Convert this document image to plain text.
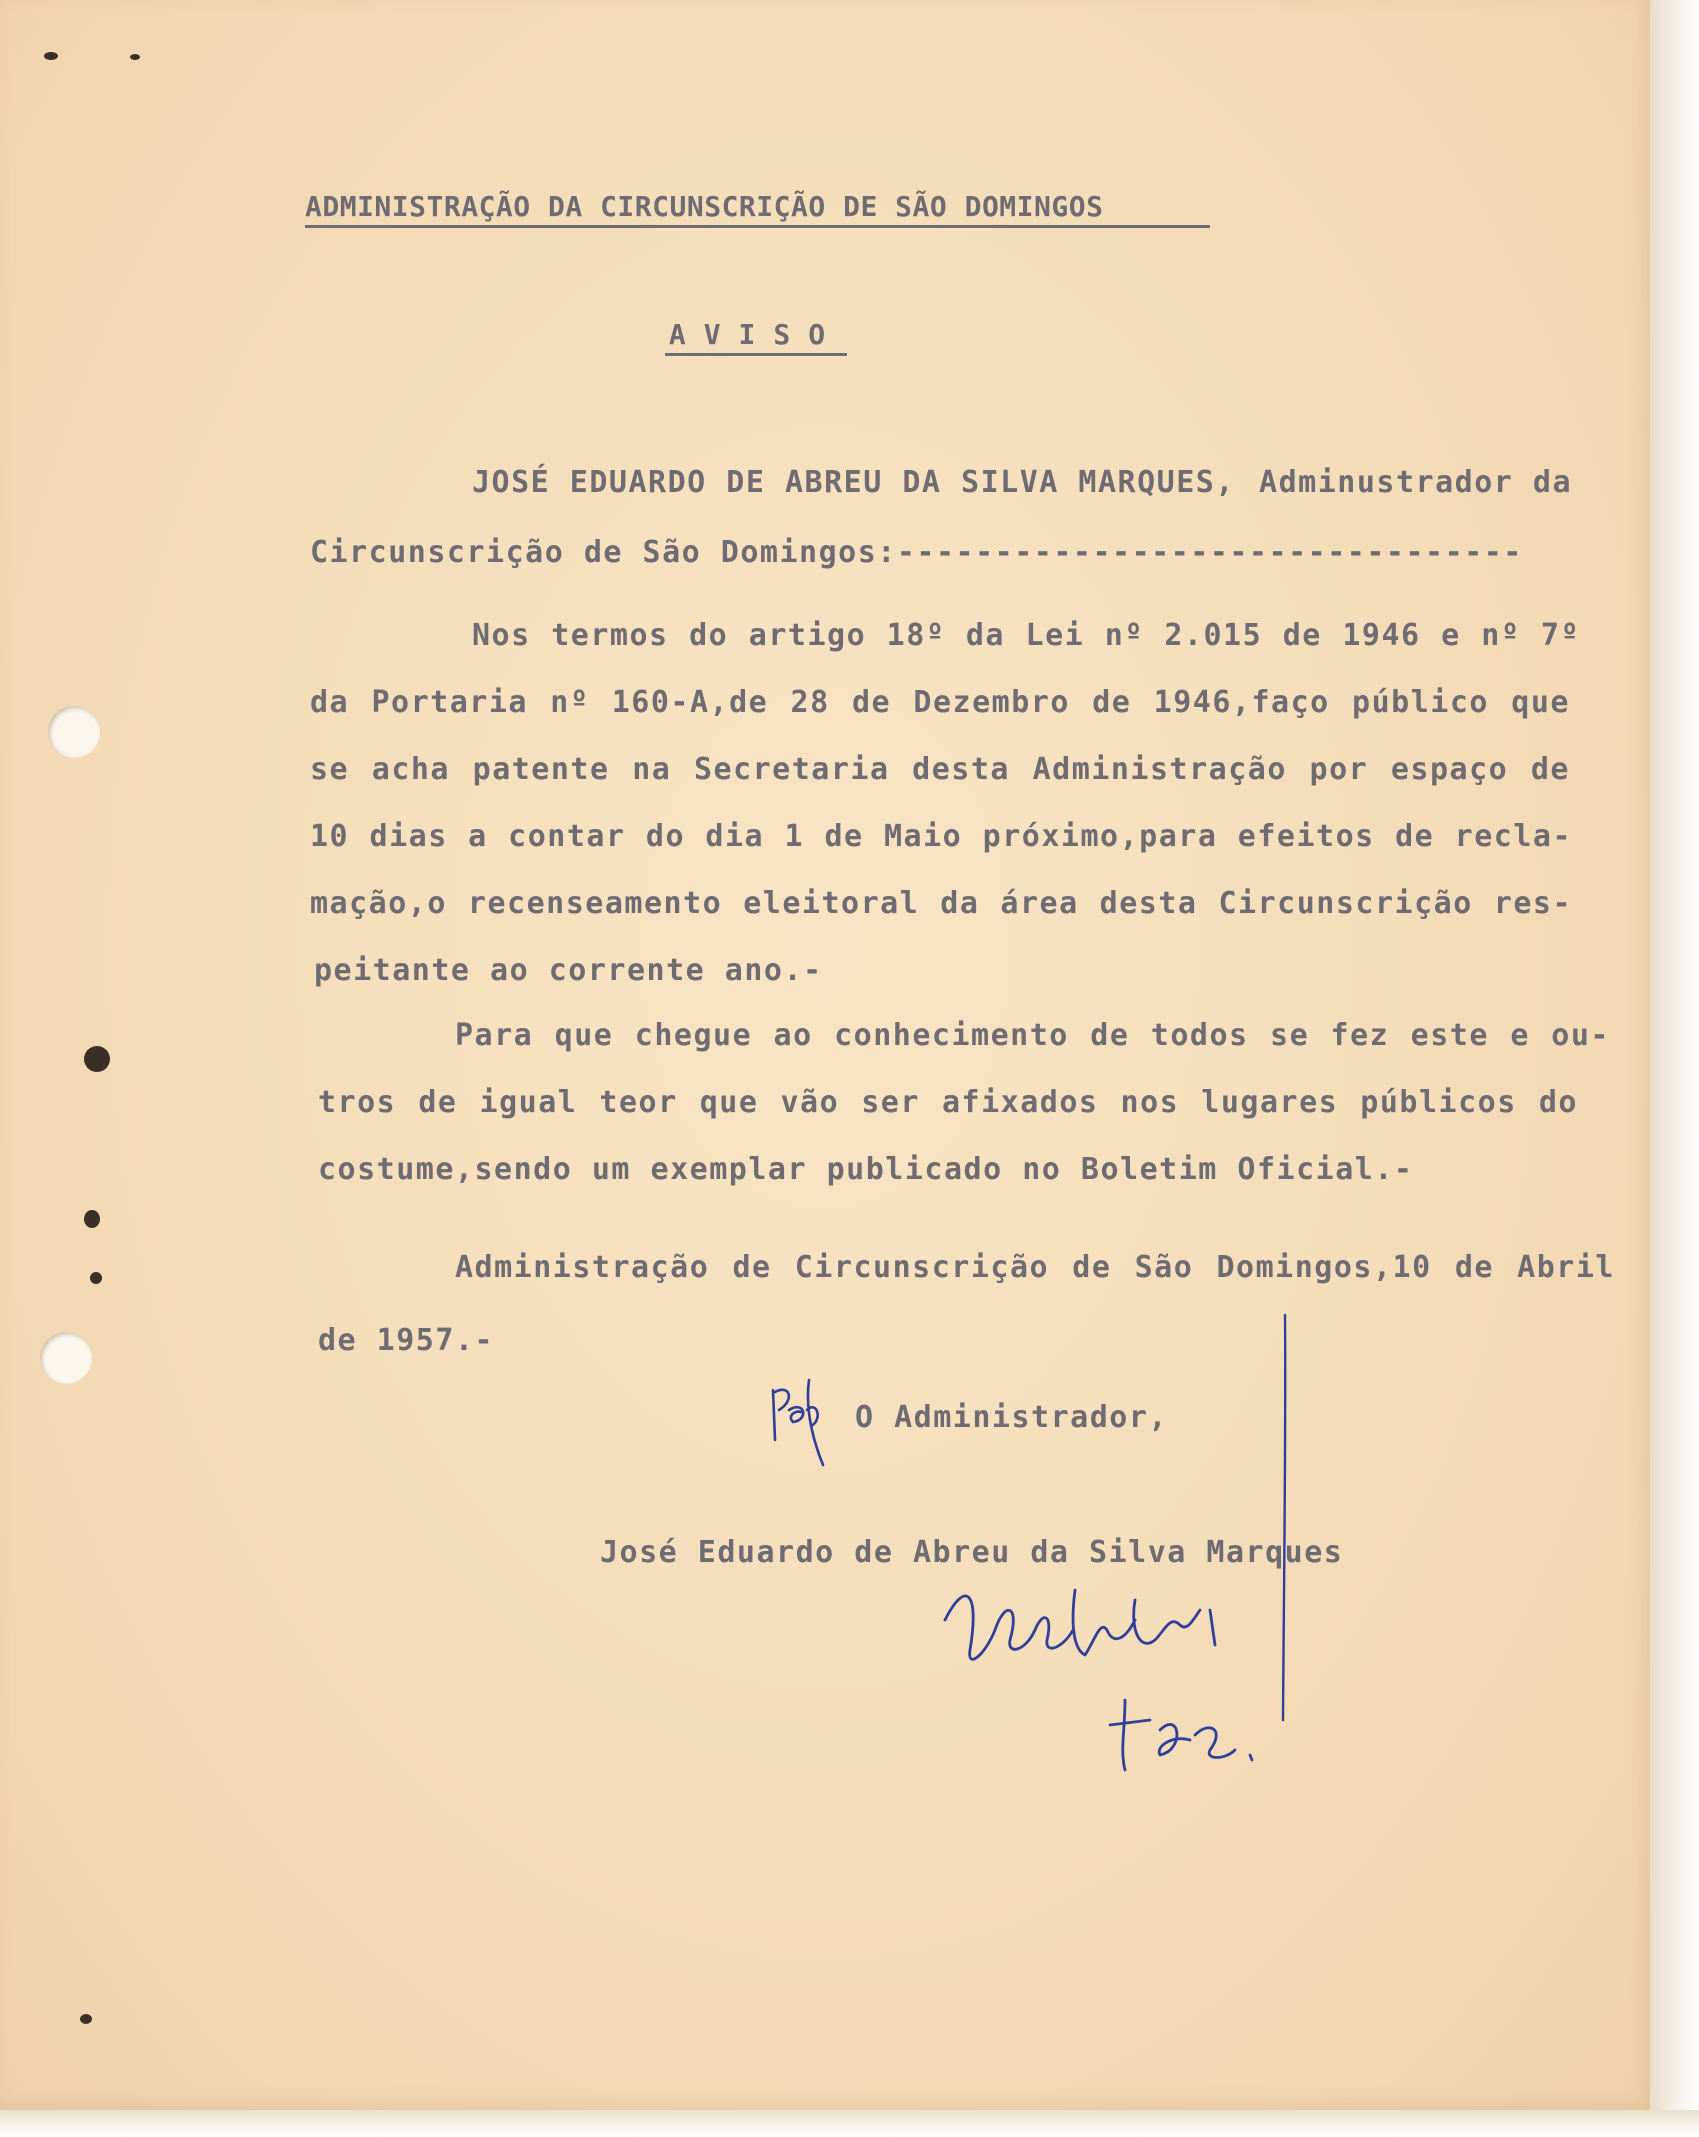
ADMINISTRAÇÃO DA CIRCUNSCRIÇÃO DE SÃO DOMINGOS
AVISO
JOSÉ EDUARDO DE ABREU DA SILVA MARQUES, Adminustrador da
Circunscrição de São Domingos:--------------------------------
Nos termos do artigo 18º da Lei nº 2.015 de 1946 e nº 7º
da Portaria nº 160-A,de 28 de Dezembro de 1946,faço público que
se acha patente na Secretaria desta Administração por espaço de
10 dias a contar do dia 1 de Maio próximo,para efeitos de recla-
mação,o recenseamento eleitoral da área desta Circunscrição res-
peitante ao corrente ano.-
Para que chegue ao conhecimento de todos se fez este e ou-
tros de igual teor que vão ser afixados nos lugares públicos do
costume,sendo um exemplar publicado no Boletim Oficial.-
Administração de Circunscrição de São Domingos,10 de Abril
de 1957.-
O Administrador,
José Eduardo de Abreu da Silva Marques
